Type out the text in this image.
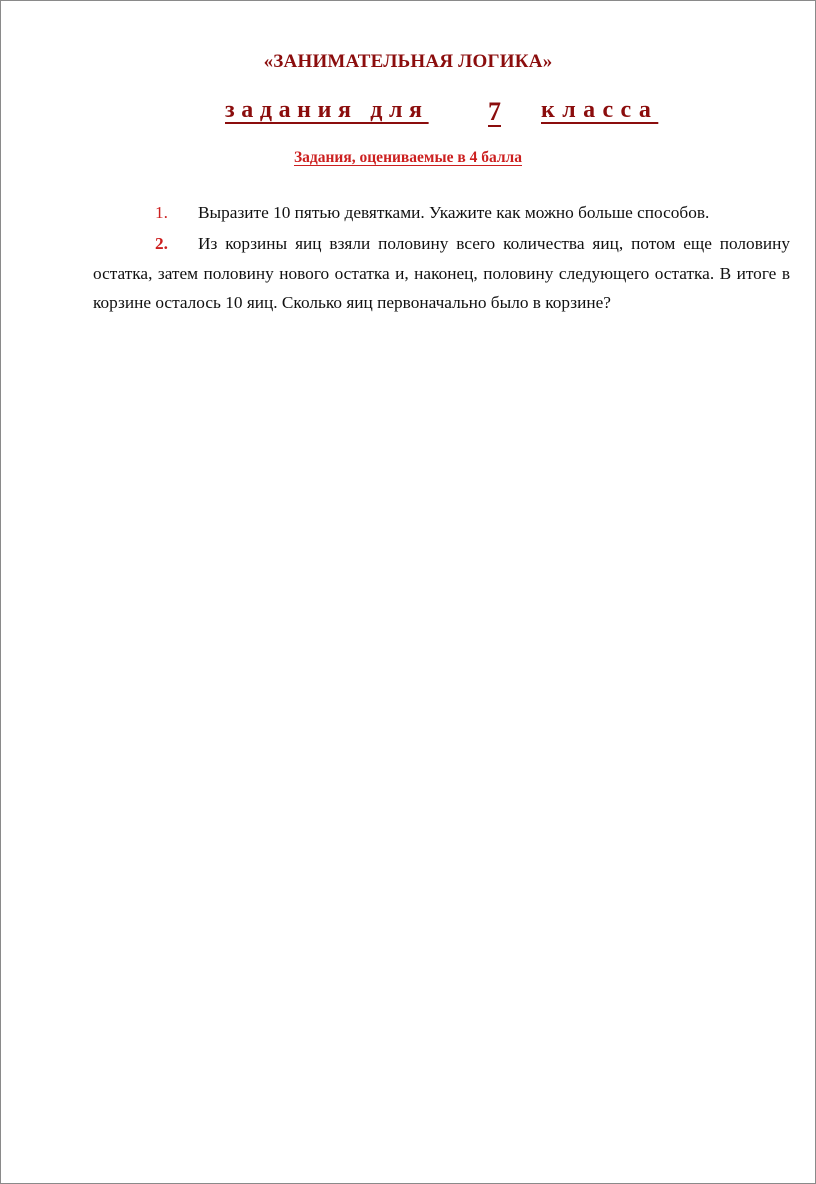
«ЗАНИМАТЕЛЬНАЯ ЛОГИКА»
задания для 7 класса
Задания, оцениваемые в 4 балла

1. Выразите 10 пятью девятками. Укажите как можно больше способов.

2. Из корзины яиц взяли половину всего количества яиц, потом еще половину остатка, затем половину нового остатка и, наконец, половину следующего остатка. В итоге в корзине осталось 10 яиц. Сколько яиц первоначально было в корзине?
